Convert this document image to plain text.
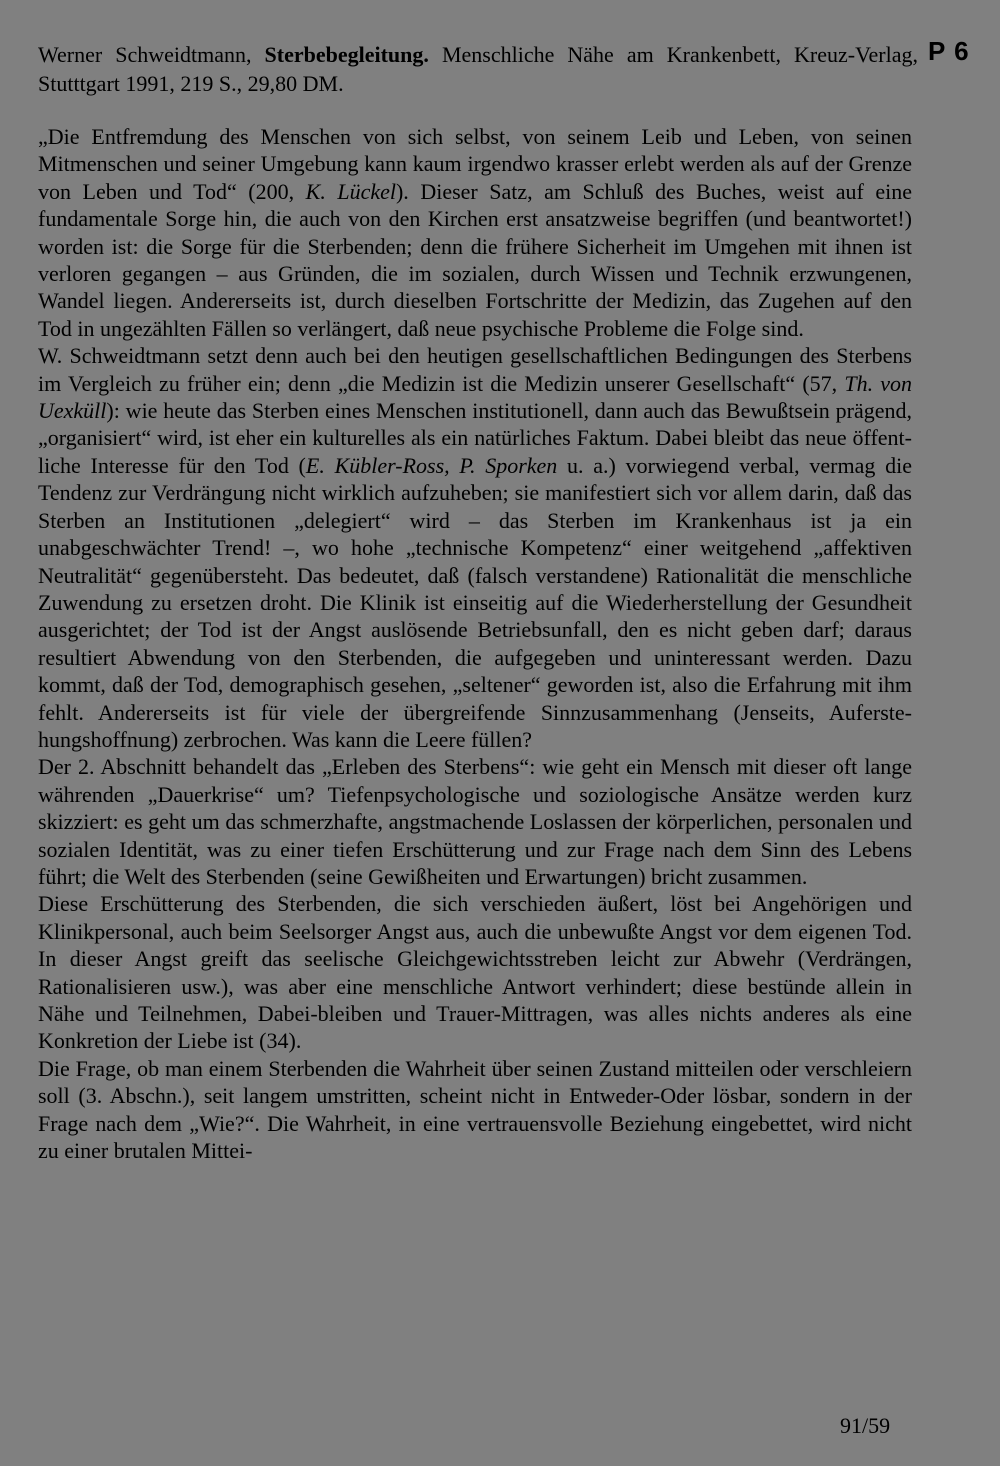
P 6
Werner Schweidtmann, Sterbebegleitung. Menschliche Nähe am Krankenbett, Kreuz-Verlag, Stutttgart 1991, 219 S., 29,80 DM.

„Die Entfremdung des Menschen von sich selbst, von seinem Leib und Leben, von seinen Mitmenschen und seiner Umgebung kann kaum irgendwo krasser erlebt werden als auf der Grenze von Leben und Tod“ (200, K. Lückel). Dieser Satz, am Schluß des Buches, weist auf eine fundamentale Sorge hin, die auch von den Kirchen erst ansatzweise begriffen (und beantwortet!) worden ist: die Sorge für die Sterbenden; denn die frühere Sicherheit im Umgehen mit ihnen ist verloren gegangen – aus Gründen, die im sozialen, durch Wissen und Technik erzwungenen, Wandel liegen. Andererseits ist, durch dieselben Fortschritte der Medizin, das Zugehen auf den Tod in ungezählten Fällen so verlängert, daß neue psychische Probleme die Folge sind.

W. Schweidtmann setzt denn auch bei den heutigen gesellschaftlichen Bedingungen des Sterbens im Vergleich zu früher ein; denn „die Medizin ist die Medizin unserer Gesellschaft“ (57, Th. von Uexküll): wie heute das Sterben eines Menschen institutionell, dann auch das Bewußtsein prägend, „organisiert“ wird, ist eher ein kulturelles als ein natürliches Faktum. Dabei bleibt das neue öffentliche Interesse für den Tod (E. Kübler-Ross, P. Sporken u. a.) vorwiegend verbal, vermag die Tendenz zur Verdrängung nicht wirklich aufzuheben; sie manifestiert sich vor allem darin, daß das Sterben an Institutionen „delegiert“ wird – das Sterben im Krankenhaus ist ja ein unabgeschwächter Trend! –, wo hohe „technische Kompetenz“ einer weitgehend „affektiven Neutralität“ gegenübersteht. Das bedeutet, daß (falsch verstandene) Rationalität die menschliche Zuwendung zu ersetzen droht. Die Klinik ist einseitig auf die Wiederherstellung der Gesundheit ausgerichtet; der Tod ist der Angst auslösende Betriebsunfall, den es nicht geben darf; daraus resultiert Abwendung von den Sterbenden, die aufgegeben und uninteressant werden. Dazu kommt, daß der Tod, demographisch gesehen, „seltener“ geworden ist, also die Erfahrung mit ihm fehlt. Andererseits ist für viele der übergreifende Sinnzusammenhang (Jenseits, Auferstehungshoffnung) zerbrochen. Was kann die Leere füllen?

Der 2. Abschnitt behandelt das „Erleben des Sterbens“: wie geht ein Mensch mit dieser oft lange währenden „Dauerkrise“ um? Tiefenpsychologische und soziologische Ansätze werden kurz skizziert: es geht um das schmerzhafte, angstmachende Loslassen der körperlichen, personalen und sozialen Identität, was zu einer tiefen Erschütterung und zur Frage nach dem Sinn des Lebens führt; die Welt des Sterbenden (seine Gewißheiten und Erwartungen) bricht zusammen.

Diese Erschütterung des Sterbenden, die sich verschieden äußert, löst bei Angehörigen und Klinikpersonal, auch beim Seelsorger Angst aus, auch die unbewußte Angst vor dem eigenen Tod. In dieser Angst greift das seelische Gleichgewichtsstreben leicht zur Abwehr (Verdrängen, Rationalisieren usw.), was aber eine menschliche Antwort verhindert; diese bestünde allein in Nähe und Teilnehmen, Dabei-bleiben und Trauer-Mittragen, was alles nichts anderes als eine Konkretion der Liebe ist (34).

Die Frage, ob man einem Sterbenden die Wahrheit über seinen Zustand mitteilen oder verschleiern soll (3. Abschn.), seit langem umstritten, scheint nicht in Entweder-Oder lösbar, sondern in der Frage nach dem „Wie?“. Die Wahrheit, in eine vertrauensvolle Beziehung eingebettet, wird nicht zu einer brutalen Mittei-

91/59
